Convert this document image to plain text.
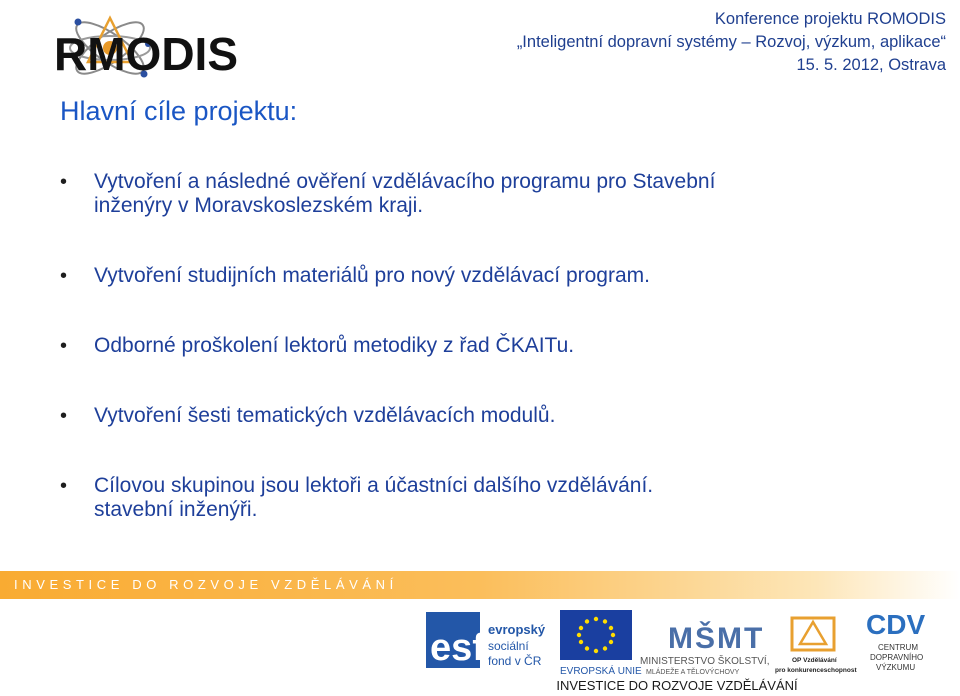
RMODIS
Konference projektu ROMODIS
„Inteligentní dopravní systémy – Rozvoj, výzkum, aplikace“
15. 5. 2012, Ostrava
Hlavní cíle projektu:
• Vytvoření a následné ověření vzdělávacího programu pro Stavební
inženýry v Moravskoslezském kraji.
• Vytvoření studijních materiálů pro nový vzdělávací program.
• Odborné proškolení lektorů metodiky z řad ČKAITu.
• Vytvoření šesti tematických vzdělávacích modulů.
• Cílovou skupinou jsou lektoři a účastníci dalšího vzdělávání.
stavební inženýři.
INVESTICE DO ROZVOJE VZDĚLÁVÁNÍ
esf evropský
sociální
fond v ČR
EVROPSKÁ UNIE
MŠMT
MINISTERSTVO ŠKOLSTVÍ,
MLÁDEŽE A TĚLOVÝCHOVY
OP Vzdělávání
pro konkurenceschopnost
CDV
CENTRUM
DOPRAVNÍHO
VÝZKUMU
INVESTICE DO ROZVOJE VZDĚLÁVÁNÍ
